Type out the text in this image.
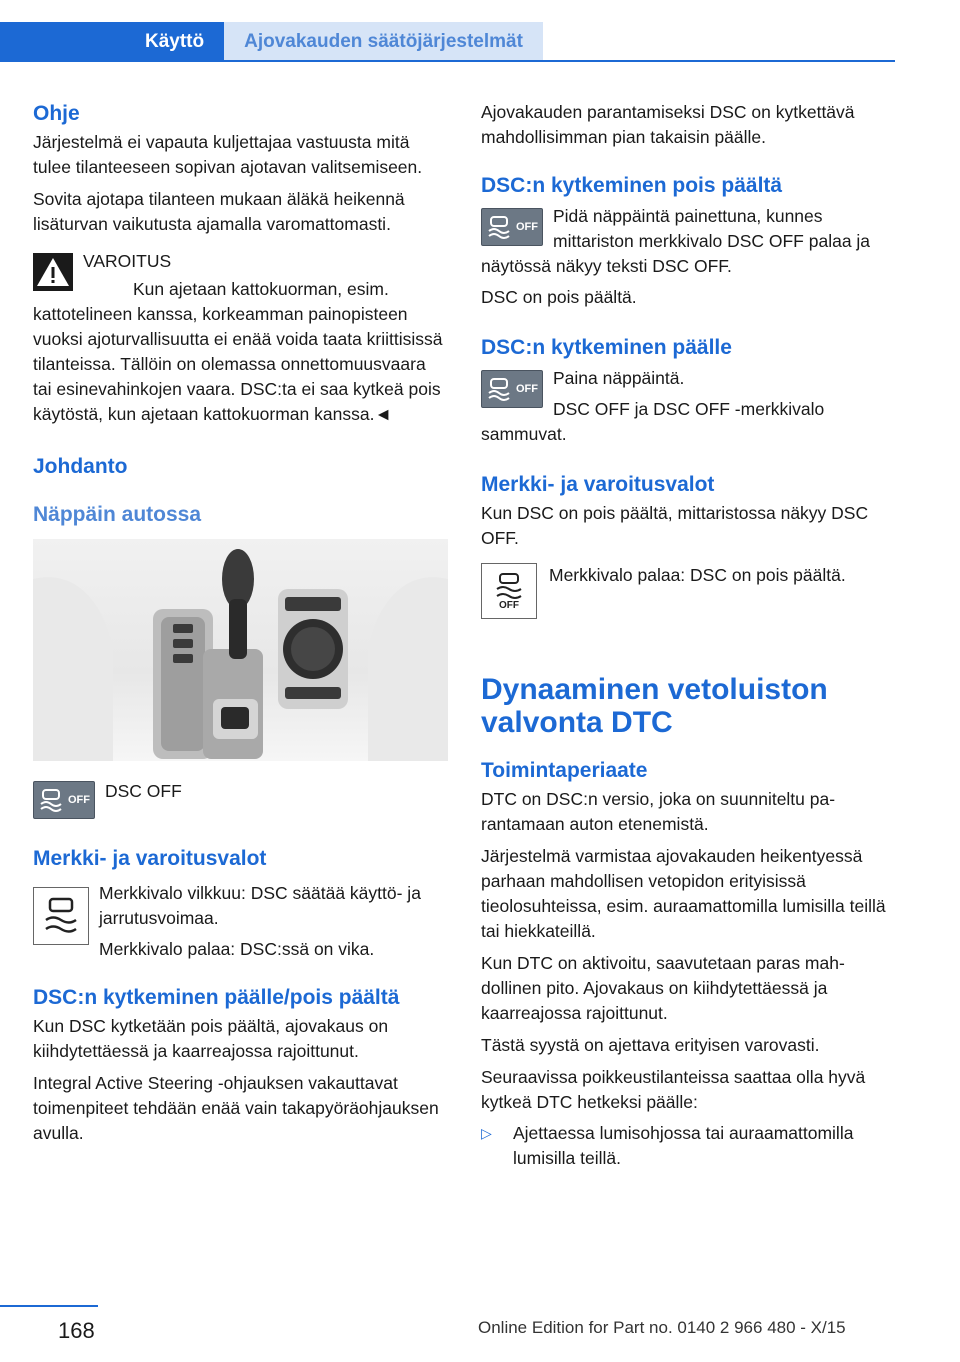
Käyttö	Ajovakauden säätöjärjestelmät
Ohje

Järjestelmä ei vapauta kuljettajaa vastuusta mitä tulee tilanteeseen sopivan ajotavan valitsemiseen.

Sovita ajotapa tilanteen mukaan äläkä heikennä lisäturvan vaikutusta ajamalla varomattomasti.

VAROITUS

Kun ajetaan kattokuorman, esim. kattotelineen kanssa, korkeamman painopisteen vuoksi ajoturvallisuutta ei enää voida taata kriittisissä tilanteissa. Tällöin on olemassa onnettomuusvaara tai esinevahinkojen vaara. DSC:ta ei saa kytkeä pois käytöstä, kun ajetaan kattokuorman kanssa.◄

Johdanto
Näppäin autossa
OFF DSC OFF

Merkki- ja varoitusvalot

Merkkivalo vilkkuu: DSC säätää käyttö- ja jarrutusvoimaa.

Merkkivalo palaa: DSC:ssä on vika.

DSC:n kytkeminen päälle/pois päältä

Kun DSC kytketään pois päältä, ajovakaus on kiihdytettäessä ja kaarreajossa rajoittunut.

Integral Active Steering -ohjauksen vakauttavat toimenpiteet tehdään enää vain takapyöräohjauksen avulla.

Ajovakauden parantamiseksi DSC on kytkettävä mahdollisimman pian takaisin päälle.

DSC:n kytkeminen pois päältä
OFF

Pidä näppäintä painettuna, kunnes mittariston merkkivalo DSC OFF palaa ja näytössä näkyy teksti DSC OFF.

DSC on pois päältä.

DSC:n kytkeminen päälle
OFF

Paina näppäintä.

DSC OFF ja DSC OFF -merkkivalo sammuvat.

Merkki- ja varoitusvalot

Kun DSC on pois päältä, mittaristossa näkyy DSC OFF.

OFF

Merkkivalo palaa: DSC on pois päältä.

Dynaaminen vetoluiston valvonta DTC
Toimintaperiaate

DTC on DSC:n versio, joka on suunniteltu parantamaan auton etenemistä.

Järjestelmä varmistaa ajovakauden heikentyessä parhaan mahdollisen vetopidon erityisissä tieolosuhteissa, esim. auraamattomilla lumisilla teillä tai hiekkateillä.

Kun DTC on aktivoitu, saavutetaan paras mahdollinen pito. Ajovakaus on kiihdytettäessä ja kaarreajossa rajoittunut.

Tästä syystä on ajettava erityisen varovasti.

Seuraavissa poikkeustilanteissa saattaa olla hyvä kytkeä DTC hetkeksi päälle:

▷ Ajettaessa lumisohjossa tai auraamattomilla lumisilla teillä.
168	Online Edition for Part no. 0140 2 966 480 - X/15
